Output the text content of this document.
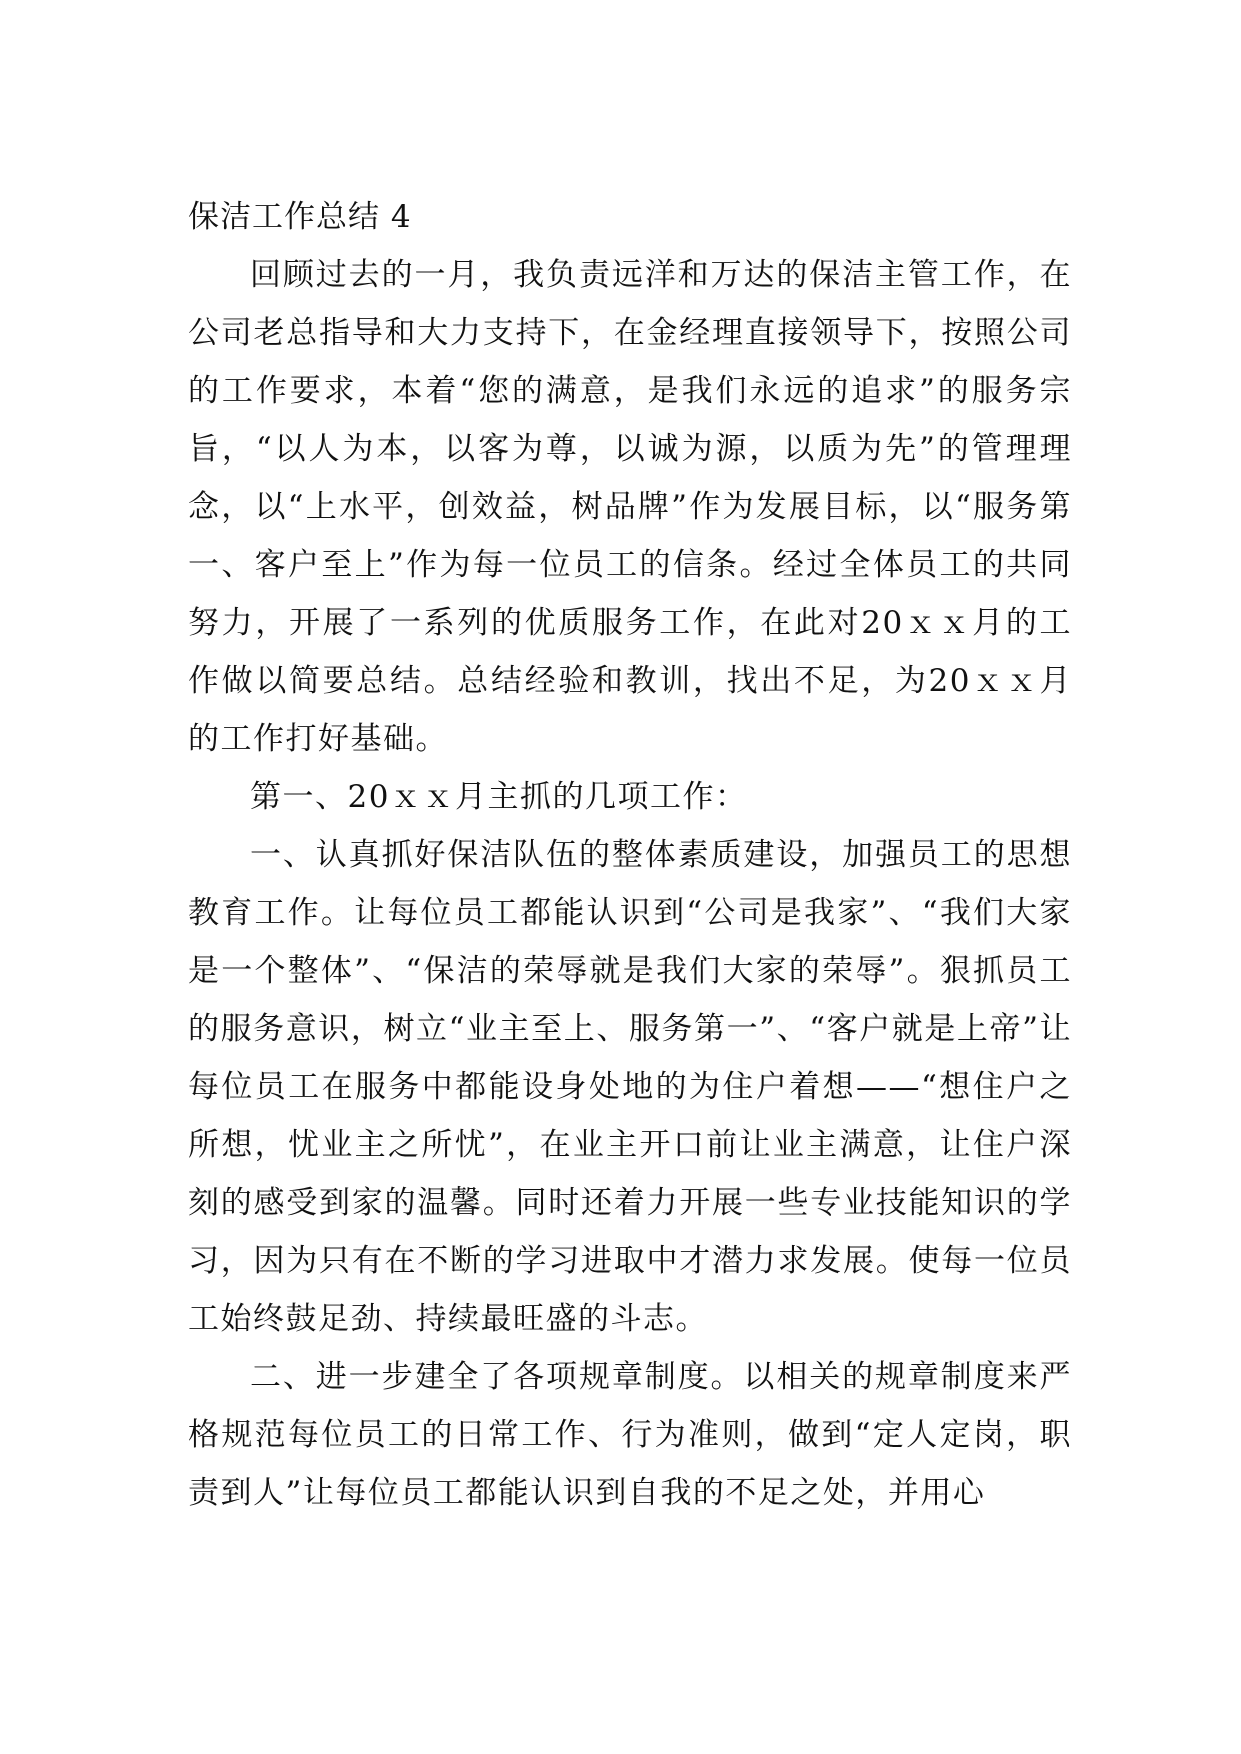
保洁工作总结 4

回顾过去的一月，我负责远洋和万达的保洁主管工作，在公司老总指导和大力支持下，在金经理直接领导下，按照公司的工作要求，本着“您的满意，是我们永远的追求”的服务宗旨，“以人为本，以客为尊，以诚为源，以质为先”的管理理念，以“上水平，创效益，树品牌”作为发展目标，以“服务第一、客户至上”作为每一位员工的信条。经过全体员工的共同努力，开展了一系列的优质服务工作，在此对20ｘｘ月的工作做以简要总结。总结经验和教训，找出不足，为20ｘｘ月的工作打好基础。

第一、20ｘｘ月主抓的几项工作：

一、认真抓好保洁队伍的整体素质建设，加强员工的思想教育工作。让每位员工都能认识到“公司是我家”、“我们大家是一个整体”、“保洁的荣辱就是我们大家的荣辱”。狠抓员工的服务意识，树立“业主至上、服务第一”、“客户就是上帝”让每位员工在服务中都能设身处地的为住户着想——“想住户之所想，忧业主之所忧”，在业主开口前让业主满意，让住户深刻的感受到家的温馨。同时还着力开展一些专业技能知识的学习，因为只有在不断的学习进取中才潜力求发展。使每一位员工始终鼓足劲、持续最旺盛的斗志。

二、进一步建全了各项规章制度。以相关的规章制度来严格规范每位员工的日常工作、行为准则，做到“定人定岗，职责到人”让每位员工都能认识到自我的不足之处，并用心
